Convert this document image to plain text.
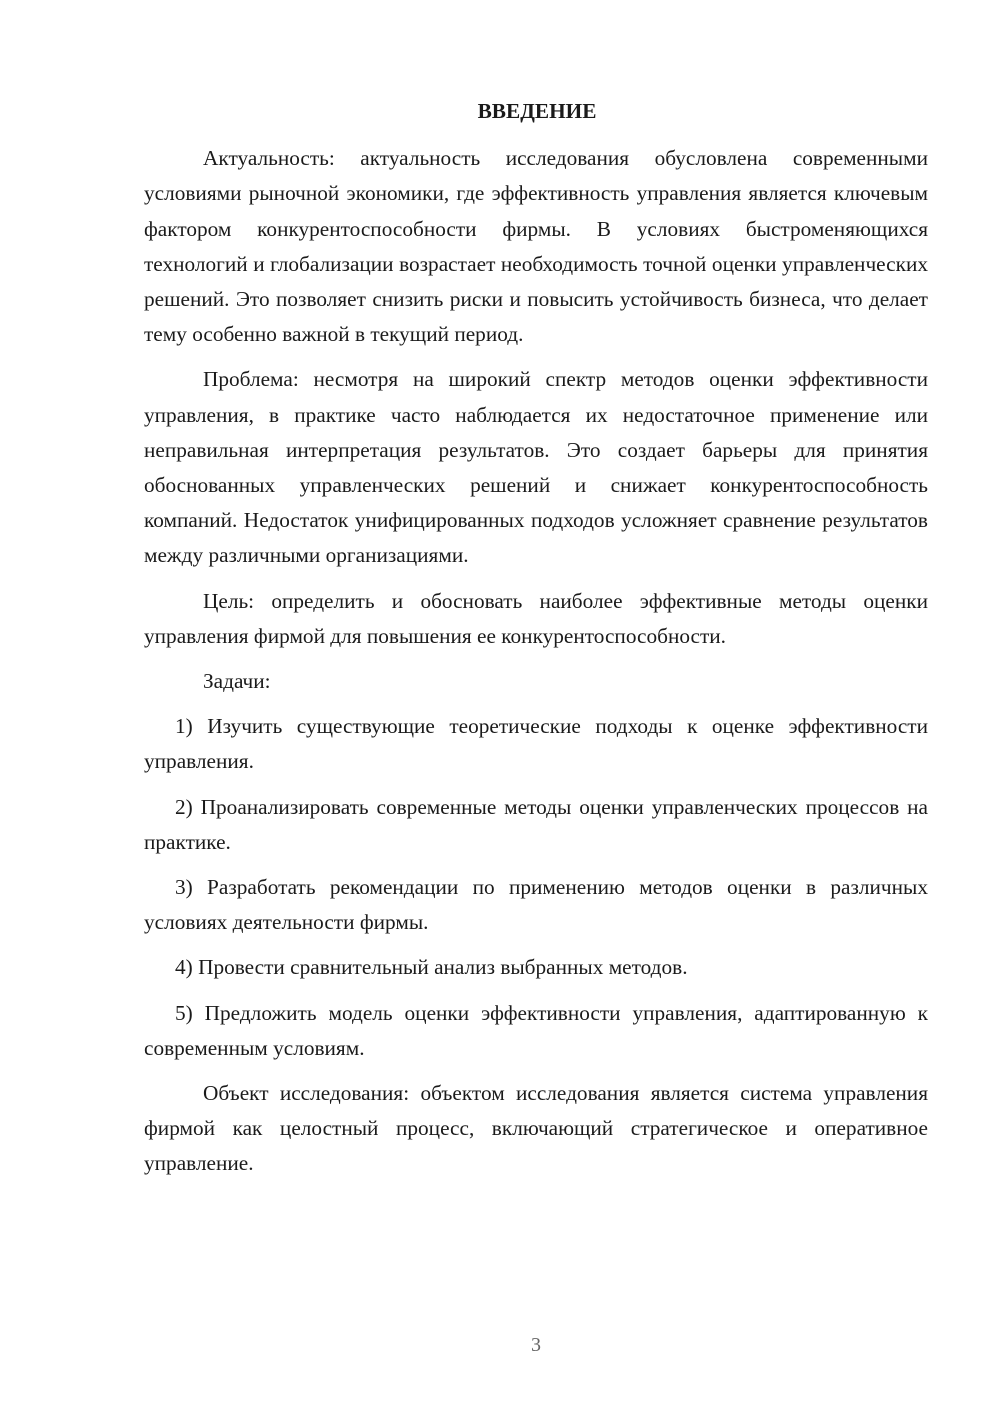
ВВЕДЕНИЕ

Актуальность: актуальность исследования обусловлена современными условиями рыночной экономики, где эффективность управления является ключевым фактором конкурентоспособности фирмы. В условиях быстроменяющихся технологий и глобализации возрастает необходимость точной оценки управленческих решений. Это позволяет снизить риски и повысить устойчивость бизнеса, что делает тему особенно важной в текущий период.

Проблема: несмотря на широкий спектр методов оценки эффективности управления, в практике часто наблюдается их недостаточное применение или неправильная интерпретация результатов. Это создает барьеры для принятия обоснованных управленческих решений и снижает конкурентоспособность компаний. Недостаток унифицированных подходов усложняет сравнение результатов между различными организациями.

Цель: определить и обосновать наиболее эффективные методы оценки управления фирмой для повышения ее конкурентоспособности.

Задачи:

1) Изучить существующие теоретические подходы к оценке эффективности управления.

2) Проанализировать современные методы оценки управленческих процессов на практике.

3) Разработать рекомендации по применению методов оценки в различных условиях деятельности фирмы.

4) Провести сравнительный анализ выбранных методов.

5) Предложить модель оценки эффективности управления, адаптированную к современным условиям.

Объект исследования: объектом исследования является система управления фирмой как целостный процесс, включающий стратегическое и оперативное управление.

3
